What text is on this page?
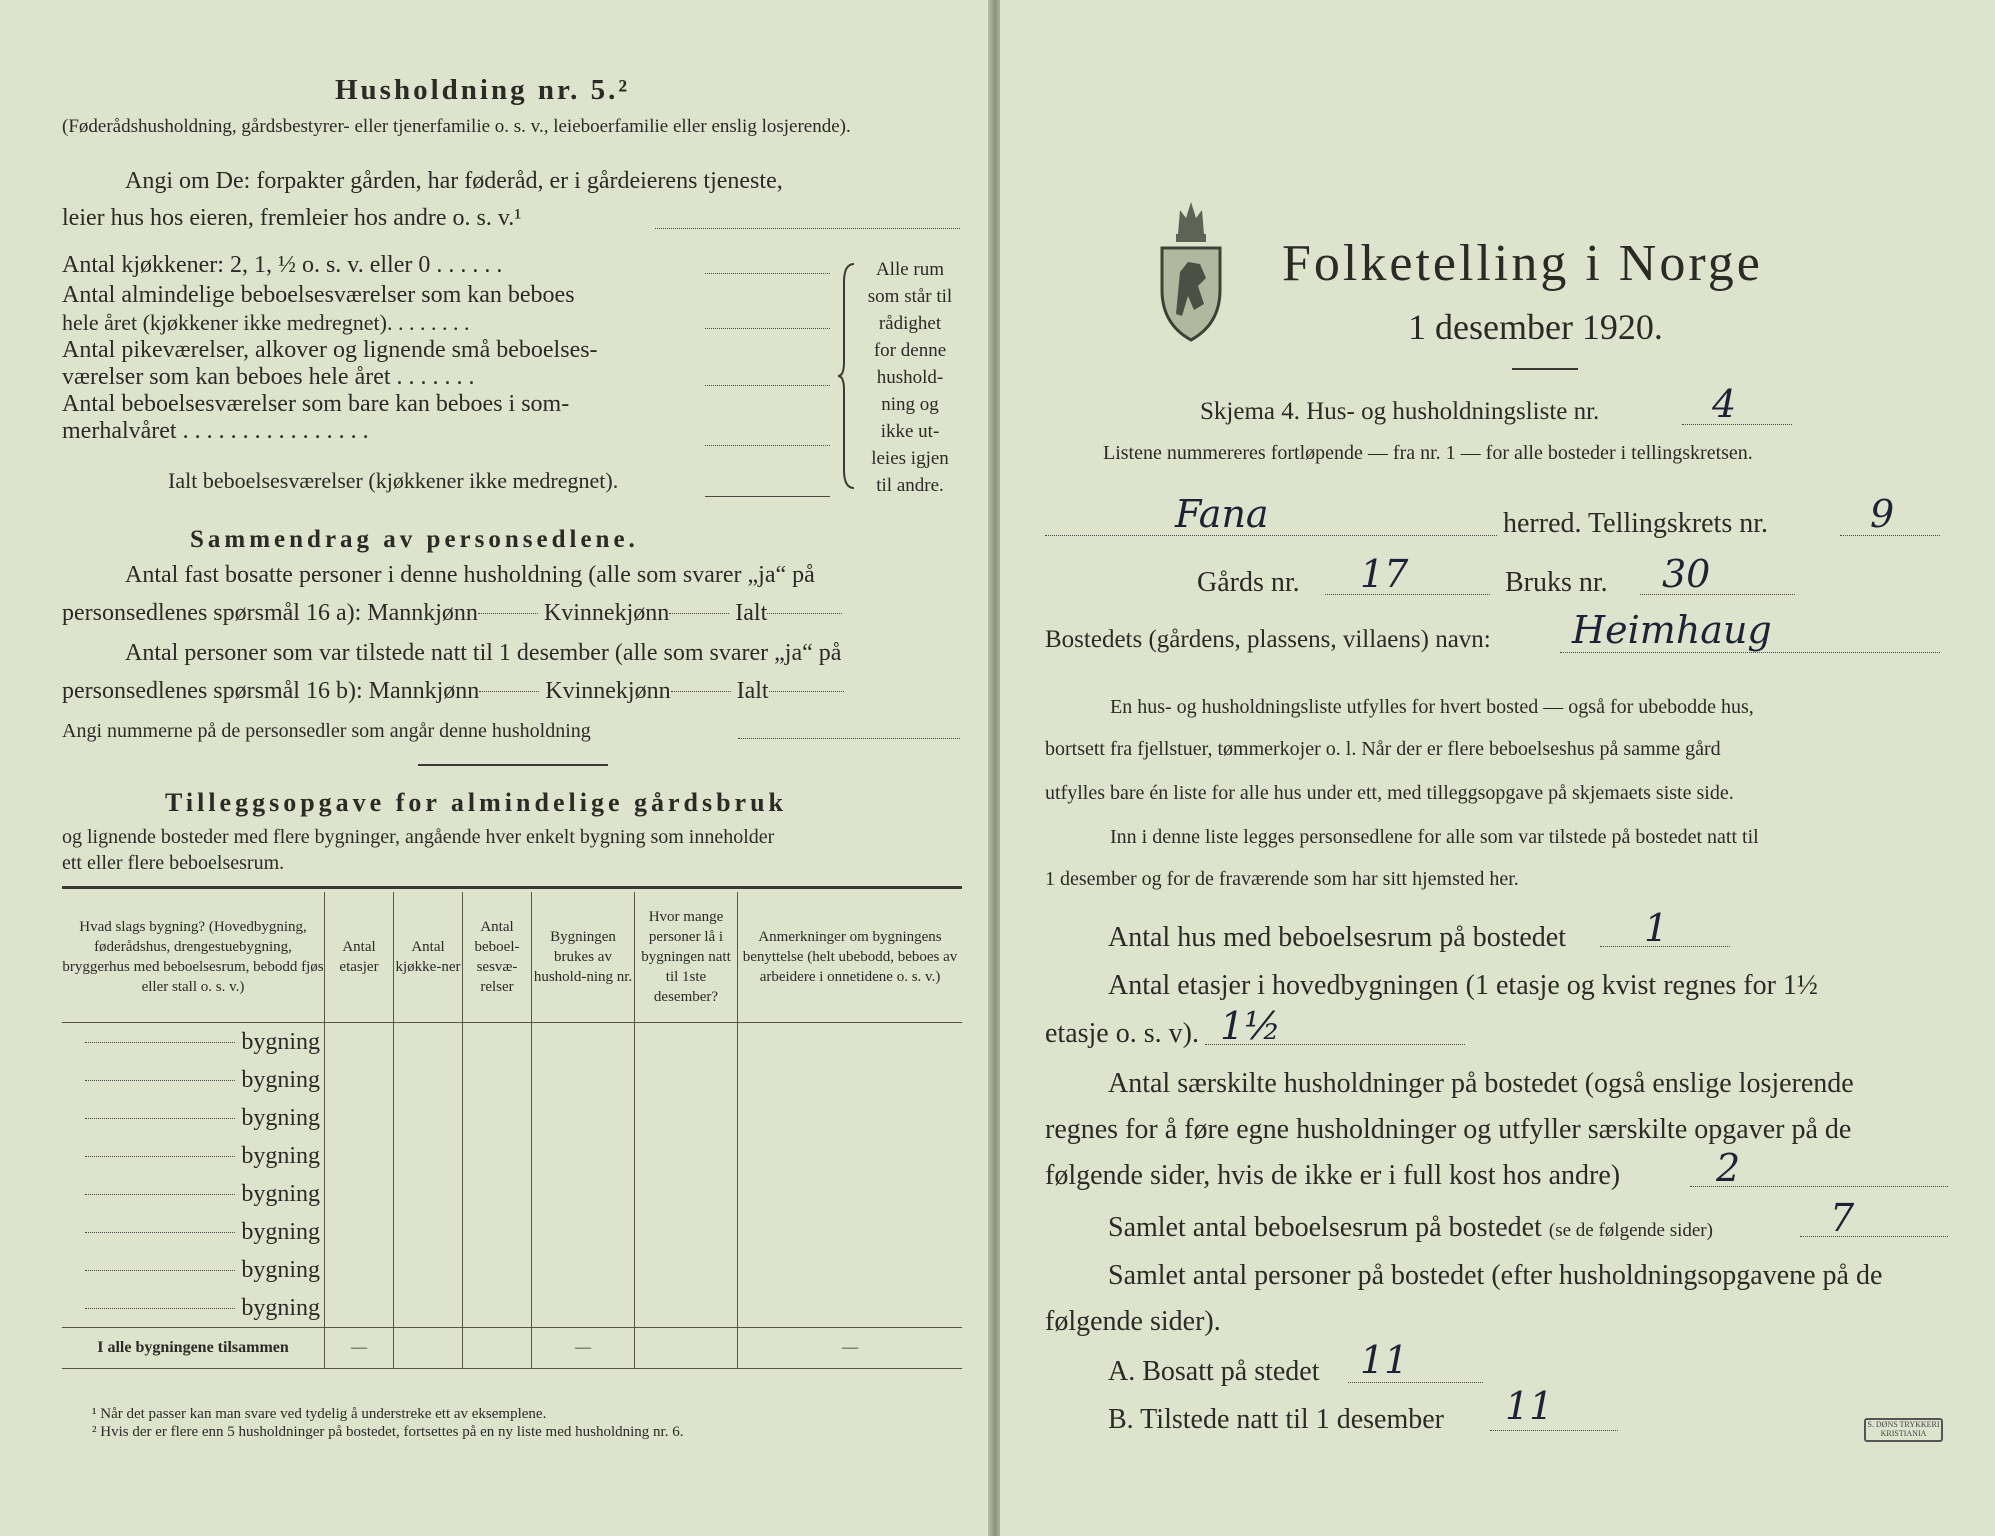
Husholdning nr. 5.²
(Føderådshusholdning, gårdsbestyrer- eller tjenerfamilie o. s. v., leieboerfamilie eller enslig losjerende).
Angi om De: forpakter gården, har føderåd, er i gårdeierens tjeneste,
leier hus hos eieren, fremleier hos andre o. s. v.¹
Antal kjøkkener: 2, 1, ½ o. s. v. eller 0 . . . . . .
Antal almindelige beboelsesværelser som kan beboes
hele året (kjøkkener ikke medregnet). . . . . . . .
Antal pikeværelser, alkover og lignende små beboelses-
værelser som kan beboes hele året . . . . . . .
Antal beboelsesværelser som bare kan beboes i som-
merhalvåret . . . . . . . . . . . . . . . .
Ialt beboelsesværelser (kjøkkener ikke medregnet).
Alle rum
som står til
rådighet
for denne
hushold-
ning og
ikke ut-
leies igjen
til andre.
Sammendrag av personsedlene.
Antal fast bosatte personer i denne husholdning (alle som svarer „ja“ på
personsedlenes spørsmål 16 a): Mannkjønn	Kvinnekjønn	Ialt
Antal personer som var tilstede natt til 1 desember (alle som svarer „ja“ på
personsedlenes spørsmål 16 b): Mannkjønn	Kvinnekjønn	Ialt
Angi nummerne på de personsedler som angår denne husholdning
Tilleggsopgave for almindelige gårdsbruk
og lignende bosteder med flere bygninger, angående hver enkelt bygning som inneholder
ett eller flere beboelsesrum.
Hvad slags bygning? (Hovedbygning, føderådshus, drengestuebygning, bryggerhus med beboelsesrum, bebodd fjøs eller stall o. s. v.)	Antal etasjer	Antal kjøkke-ner	Antal beboel-sesvæ-relser	Bygningen brukes av hushold-ning nr.	Hvor mange personer lå i bygningen natt til 1ste desember?	Anmerkninger om bygningens benyttelse (helt ubebodd, beboes av arbeidere i onnetidene o. s. v.)
bygning						
bygning						
bygning						
bygning						
bygning						
bygning						
bygning						
bygning						
I alle bygningene tilsammen	—			—		—
¹ Når det passer kan man svare ved tydelig å understreke ett av eksemplene.
² Hvis der er flere enn 5 husholdninger på bostedet, fortsettes på en ny liste med husholdning nr. 6.
Folketelling i Norge
1 desember 1920.
Skjema 4. Hus- og husholdningsliste nr.	4
Listene nummereres fortløpende — fra nr. 1 — for alle bosteder i tellingskretsen.
Fana	herred. Tellingskrets nr.	9
Gårds nr. 17	Bruks nr. 30
Bostedets (gårdens, plassens, villaens) navn: Heimhaug
En hus- og husholdningsliste utfylles for hvert bosted — også for ubebodde hus,
bortsett fra fjellstuer, tømmerkojer o. l. Når der er flere beboelseshus på samme gård
utfylles bare én liste for alle hus under ett, med tilleggsopgave på skjemaets siste side.
Inn i denne liste legges personsedlene for alle som var tilstede på bostedet natt til
1 desember og for de fraværende som har sitt hjemsted her.
Antal hus med beboelsesrum på bostedet 1
Antal etasjer i hovedbygningen (1 etasje og kvist regnes for 1½
etasje o. s. v). 1½
Antal særskilte husholdninger på bostedet (også enslige losjerende
regnes for å føre egne husholdninger og utfyller særskilte opgaver på de
følgende sider, hvis de ikke er i full kost hos andre)	2
Samlet antal beboelsesrum på bostedet (se de følgende sider)	7
Samlet antal personer på bostedet (efter husholdningsopgavene på de
følgende sider).
A. Bosatt på stedet 11
B. Tilstede natt til 1 desember 11	S. DØNS TRYKKERI KRISTIANIA
